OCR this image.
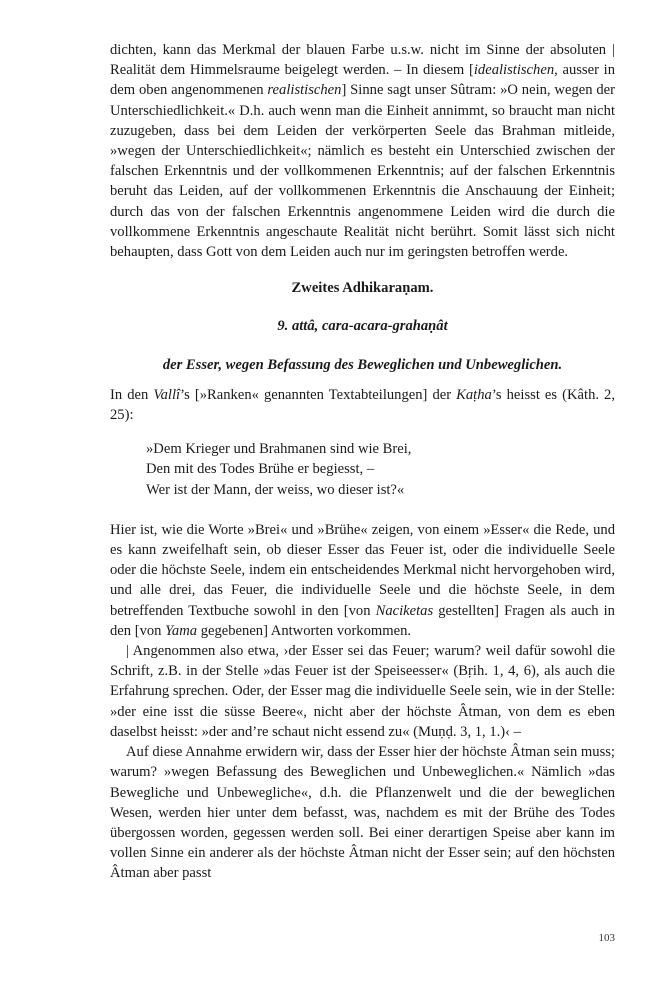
dichten, kann das Merkmal der blauen Farbe u.s.w. nicht im Sinne der absoluten | Realität dem Himmelsraume beigelegt werden. – In diesem [idealistischen, ausser in dem oben angenommenen realistischen] Sinne sagt unser Sûtram: »O nein, wegen der Unterschiedlichkeit.« D.h. auch wenn man die Einheit annimmt, so braucht man nicht zuzugeben, dass bei dem Leiden der verkörperten Seele das Brahman mitleide, »wegen der Unterschiedlichkeit«; nämlich es besteht ein Unterschied zwischen der falschen Erkenntnis und der vollkommenen Erkenntnis; auf der falschen Erkenntnis beruht das Leiden, auf der vollkommenen Erkenntnis die Anschauung der Einheit; durch das von der falschen Erkenntnis angenommene Leiden wird die durch die vollkommene Erkenntnis angeschaute Realität nicht berührt. Somit lässt sich nicht behaupten, dass Gott von dem Leiden auch nur im geringsten betroffen werde.

Zweites Adhikaraṇam.

9. attâ, cara-acara-grahaṇât

der Esser, wegen Befassung des Beweglichen und Unbeweglichen.

In den Vallî’s [»Ranken« genannten Textabteilungen] der Kaṭha’s heisst es (Kâth. 2, 25):

»Dem Krieger und Brahmanen sind wie Brei,
Den mit des Todes Brühe er begiesst, –
Wer ist der Mann, der weiss, wo dieser ist?«

Hier ist, wie die Worte »Brei« und »Brühe« zeigen, von einem »Esser« die Rede, und es kann zweifelhaft sein, ob dieser Esser das Feuer ist, oder die individuelle Seele oder die höchste Seele, indem ein entscheidendes Merkmal nicht hervorgehoben wird, und alle drei, das Feuer, die individuelle Seele und die höchste Seele, in dem betreffenden Textbuche sowohl in den [von Naciketas gestellten] Fragen als auch in den [von Yama gegebenen] Antworten vorkommen.

| Angenommen also etwa, ›der Esser sei das Feuer; warum? weil dafür sowohl die Schrift, z.B. in der Stelle »das Feuer ist der Speiseesser« (Bṛih. 1, 4, 6), als auch die Erfahrung sprechen. Oder, der Esser mag die individuelle Seele sein, wie in der Stelle: »der eine isst die süsse Beere«, nicht aber der höchste Âtman, von dem es eben daselbst heisst: »der and’re schaut nicht essend zu« (Muṇḍ. 3, 1, 1.)‹ –

Auf diese Annahme erwidern wir, dass der Esser hier der höchste Âtman sein muss; warum? »wegen Befassung des Beweglichen und Unbeweglichen.« Nämlich »das Bewegliche und Unbewegliche«, d.h. die Pflanzenwelt und die der beweglichen Wesen, werden hier unter dem befasst, was, nachdem es mit der Brühe des Todes übergossen worden, gegessen werden soll. Bei einer derartigen Speise aber kann im vollen Sinne ein anderer als der höchste Âtman nicht der Esser sein; auf den höchsten Âtman aber passt

103
